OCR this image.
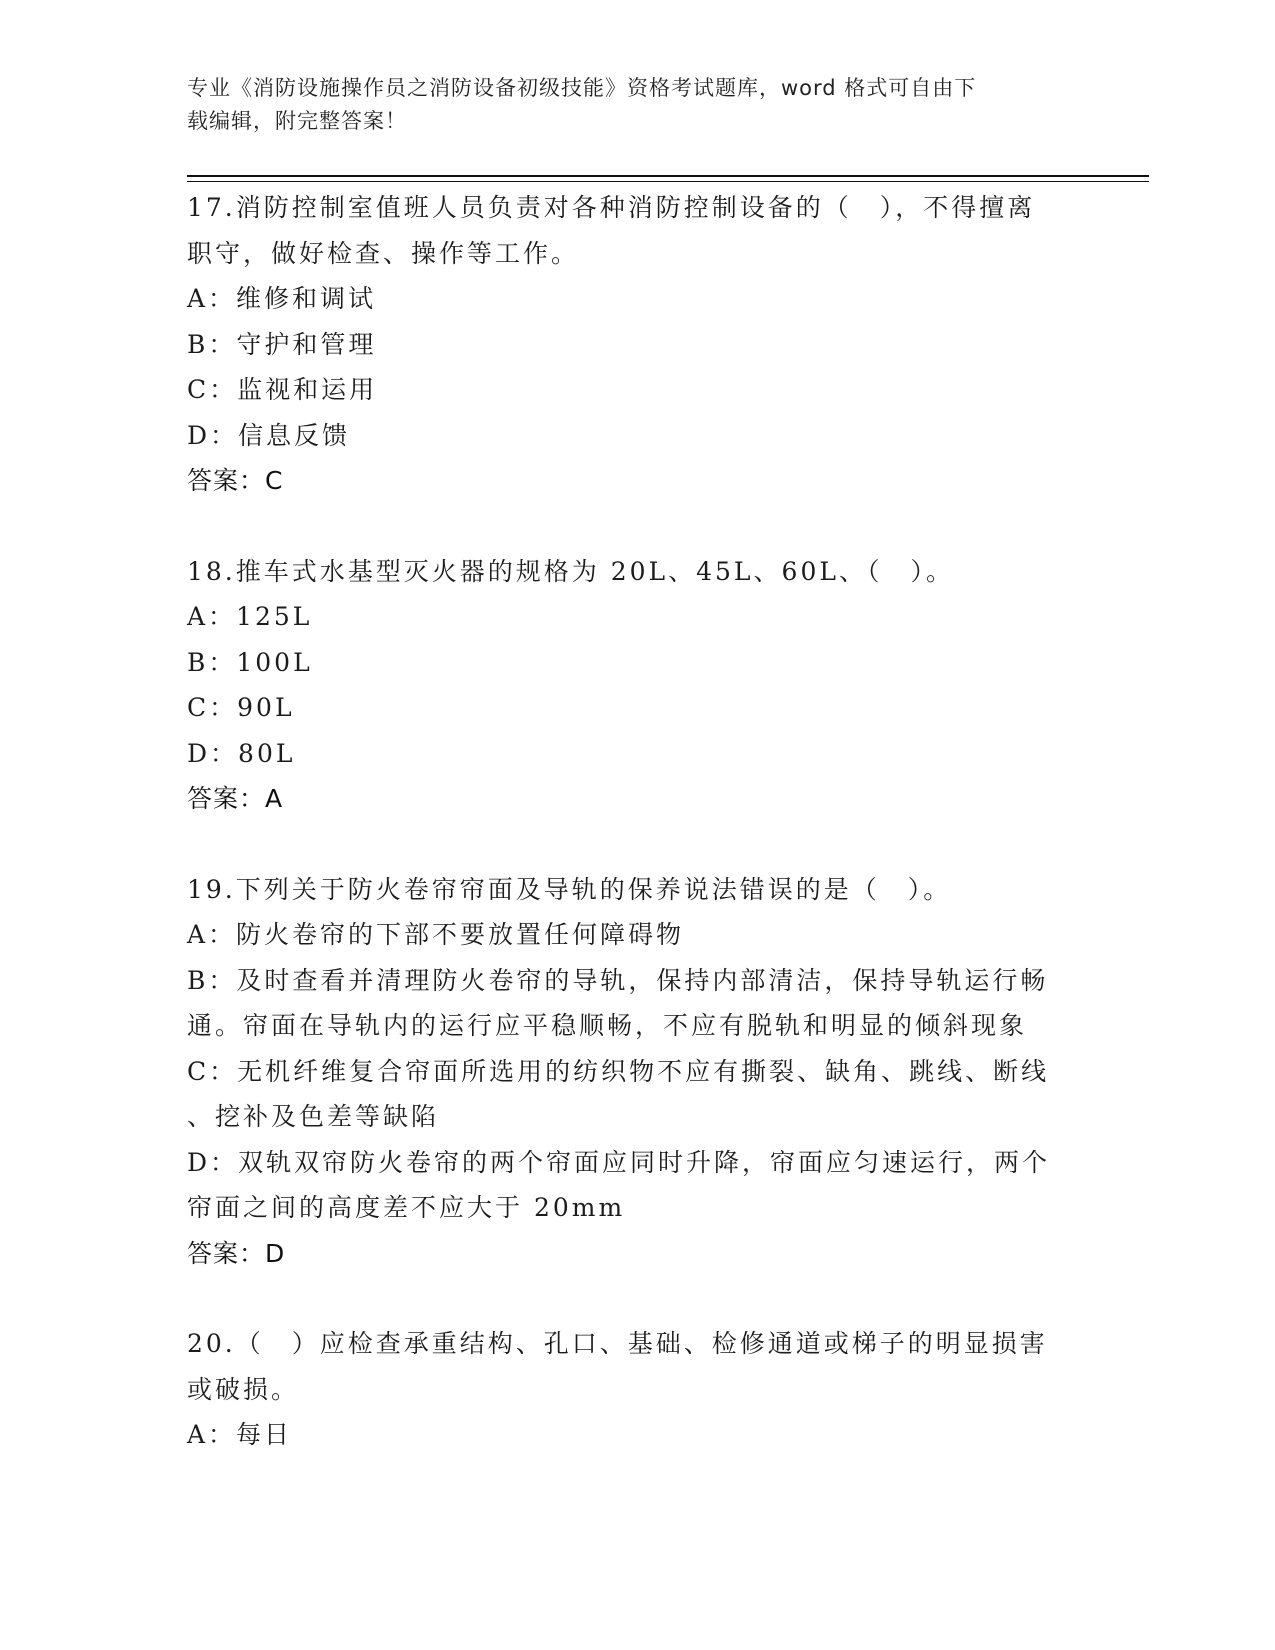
专业《消防设施操作员之消防设备初级技能》资格考试题库，word 格式可自由下
载编辑，附完整答案！
17.消防控制室值班人员负责对各种消防控制设备的（　），不得擅离
职守，做好检查、操作等工作。
A：维修和调试
B：守护和管理
C：监视和运用
D：信息反馈
答案：C
18.推车式水基型灭火器的规格为 20L、45L、60L、（　）。
A：125L
B：100L
C：90L
D：80L
答案：A
19.下列关于防火卷帘帘面及导轨的保养说法错误的是（　）。
A：防火卷帘的下部不要放置任何障碍物
B：及时查看并清理防火卷帘的导轨，保持内部清洁，保持导轨运行畅
通。帘面在导轨内的运行应平稳顺畅，不应有脱轨和明显的倾斜现象
C：无机纤维复合帘面所选用的纺织物不应有撕裂、缺角、跳线、断线
、挖补及色差等缺陷
D：双轨双帘防火卷帘的两个帘面应同时升降，帘面应匀速运行，两个
帘面之间的高度差不应大于 20mm
答案：D
20.（　）应检查承重结构、孔口、基础、检修通道或梯子的明显损害
或破损。
A：每日
